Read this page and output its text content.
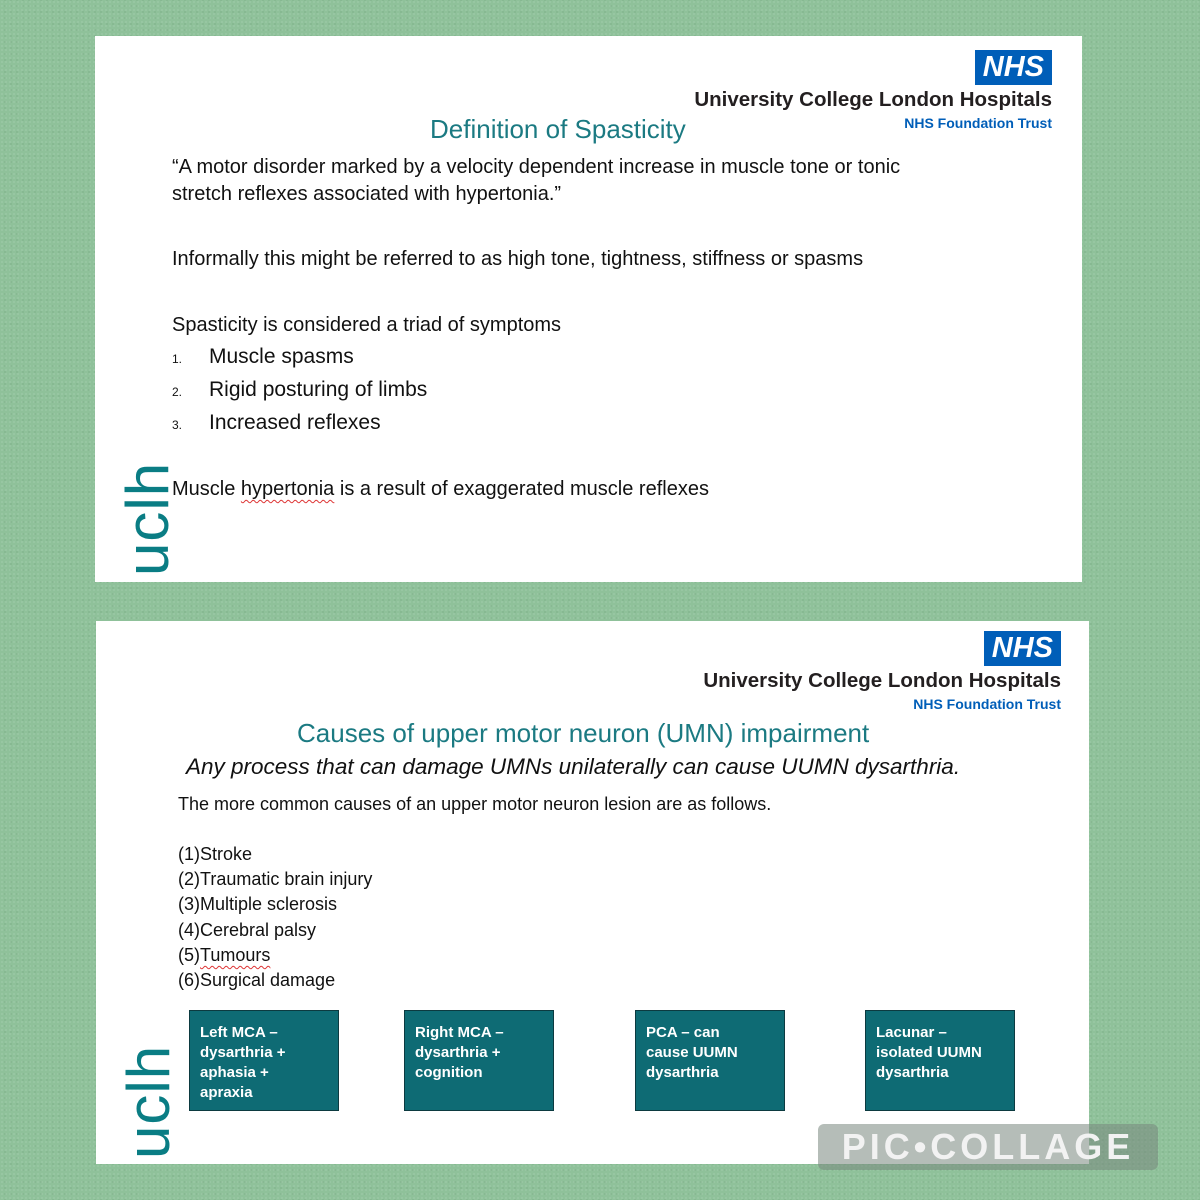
NHS
University College London Hospitals
NHS Foundation Trust
uclh
Definition of Spasticity
“A motor disorder marked by a velocity dependent increase in muscle tone or tonic
stretch reflexes associated with hypertonia.”
Informally this might be referred to as high tone, tightness, stiffness or spasms
Spasticity is considered a triad of symptoms
1. Muscle spasms
2. Rigid posturing of limbs
3. Increased reflexes
Muscle hypertonia is a result of exaggerated muscle reflexes
NHS
University College London Hospitals
NHS Foundation Trust
uclh
Causes of upper motor neuron (UMN) impairment
Any process that can damage UMNs unilaterally can cause UUMN dysarthria.
The more common causes of an upper motor neuron lesion are as follows.
(1)Stroke
(2)Traumatic brain injury
(3)Multiple sclerosis
(4)Cerebral palsy
(5)Tumours
(6)Surgical damage
Left MCA –
dysarthria +
aphasia +
apraxia
Right MCA –
dysarthria +
cognition
PCA – can
cause UUMN
dysarthria
Lacunar –
isolated UUMN
dysarthria
PIC•COLLAGE
